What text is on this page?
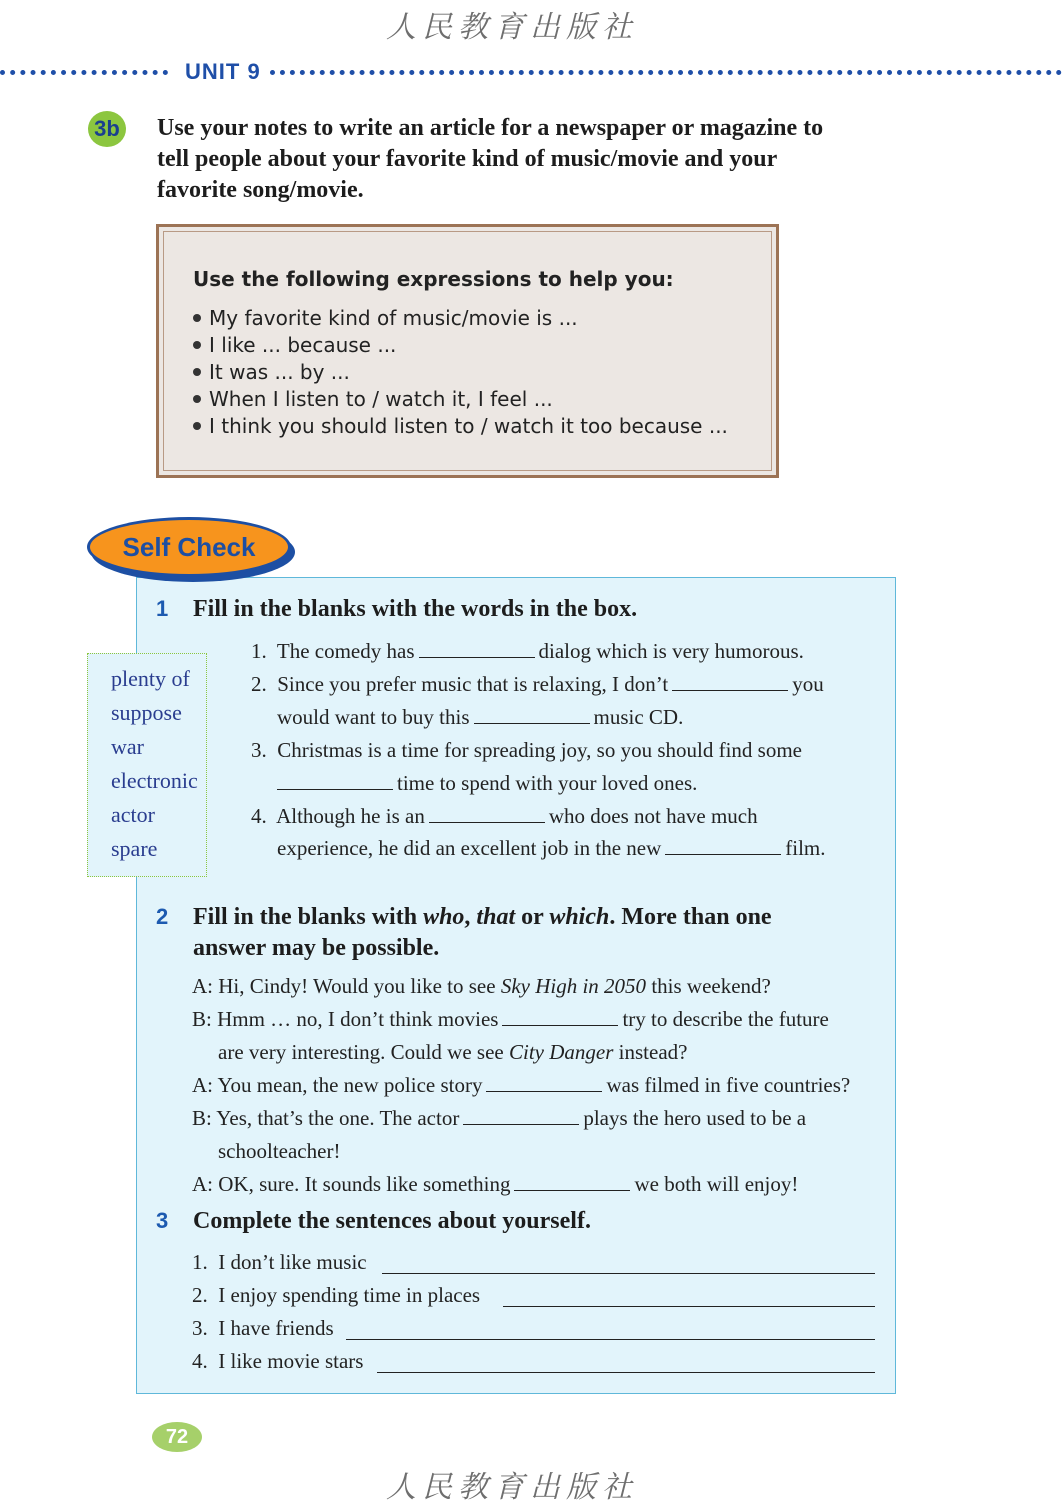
人民教育出版社
UNIT 9
3b Use your notes to write an article for a newspaper or magazine to
tell people about your favorite kind of music/movie and your
favorite song/movie.
Use the following expressions to help you:
My favorite kind of music/movie is ...
I like ... because ...
It was ... by ...
When I listen to / watch it, I feel ...
I think you should listen to / watch it too because ...
Self Check
1 Fill in the blanks with the words in the box.
plenty of
suppose
war
electronic
actor
spare
1. The comedy has	dialog which is very humorous.
2. Since you prefer music that is relaxing, I don’t	you
would want to buy this	music CD.
3. Christmas is a time for spreading joy, so you should find some
time to spend with your loved ones.
4. Although he is an	who does not have much
experience, he did an excellent job in the new	film.
2 Fill in the blanks with who, that or which. More than one
answer may be possible.
A: Hi, Cindy! Would you like to see Sky High in 2050 this weekend?
B: Hmm … no, I don’t think movies	try to describe the future
are very interesting. Could we see City Danger instead?
A: You mean, the new police story	was filmed in five countries?
B: Yes, that’s the one. The actor	plays the hero used to be a
schoolteacher!
A: OK, sure. It sounds like something	we both will enjoy!
3 Complete the sentences about yourself.
1. I don’t like music
2. I enjoy spending time in places
3. I have friends
4. I like movie stars
72
人民教育出版社
